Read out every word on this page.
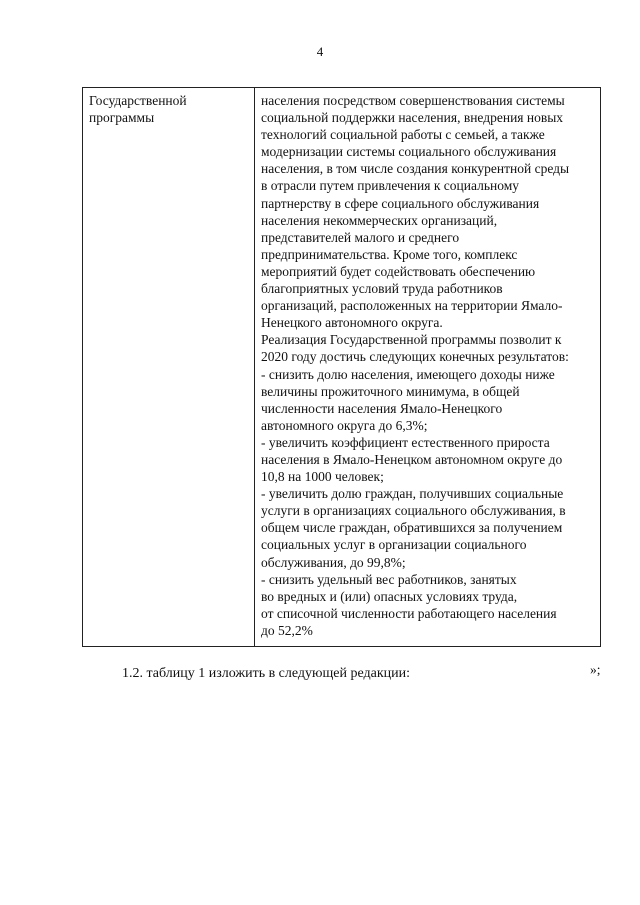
4
Государственной
программы
населения посредством совершенствования системы
социальной поддержки населения, внедрения новых
технологий социальной работы с семьей, а также
модернизации системы социального обслуживания
населения, в том числе создания конкурентной среды
в отрасли путем привлечения к социальному
партнерству в сфере социального обслуживания
населения некоммерческих организаций,
представителей малого и среднего
предпринимательства. Кроме того, комплекс
мероприятий будет содействовать обеспечению
благоприятных условий труда работников
организаций, расположенных на территории Ямало-
Ненецкого автономного округа.
Реализация Государственной программы позволит к
2020 году достичь следующих конечных результатов:
- снизить долю населения, имеющего доходы ниже
величины прожиточного минимума, в общей
численности населения Ямало-Ненецкого
автономного округа до 6,3%;
- увеличить коэффициент естественного прироста
населения в Ямало-Ненецком автономном округе до
10,8 на 1000 человек;
- увеличить долю граждан, получивших социальные
услуги в организациях социального обслуживания, в
общем числе граждан, обратившихся за получением
социальных услуг в организации социального
обслуживания, до 99,8%;
- снизить удельный вес работников, занятых
во вредных и (или) опасных условиях труда,
от списочной численности работающего населения
до 52,2%
»;
1.2. таблицу 1 изложить в следующей редакции:
